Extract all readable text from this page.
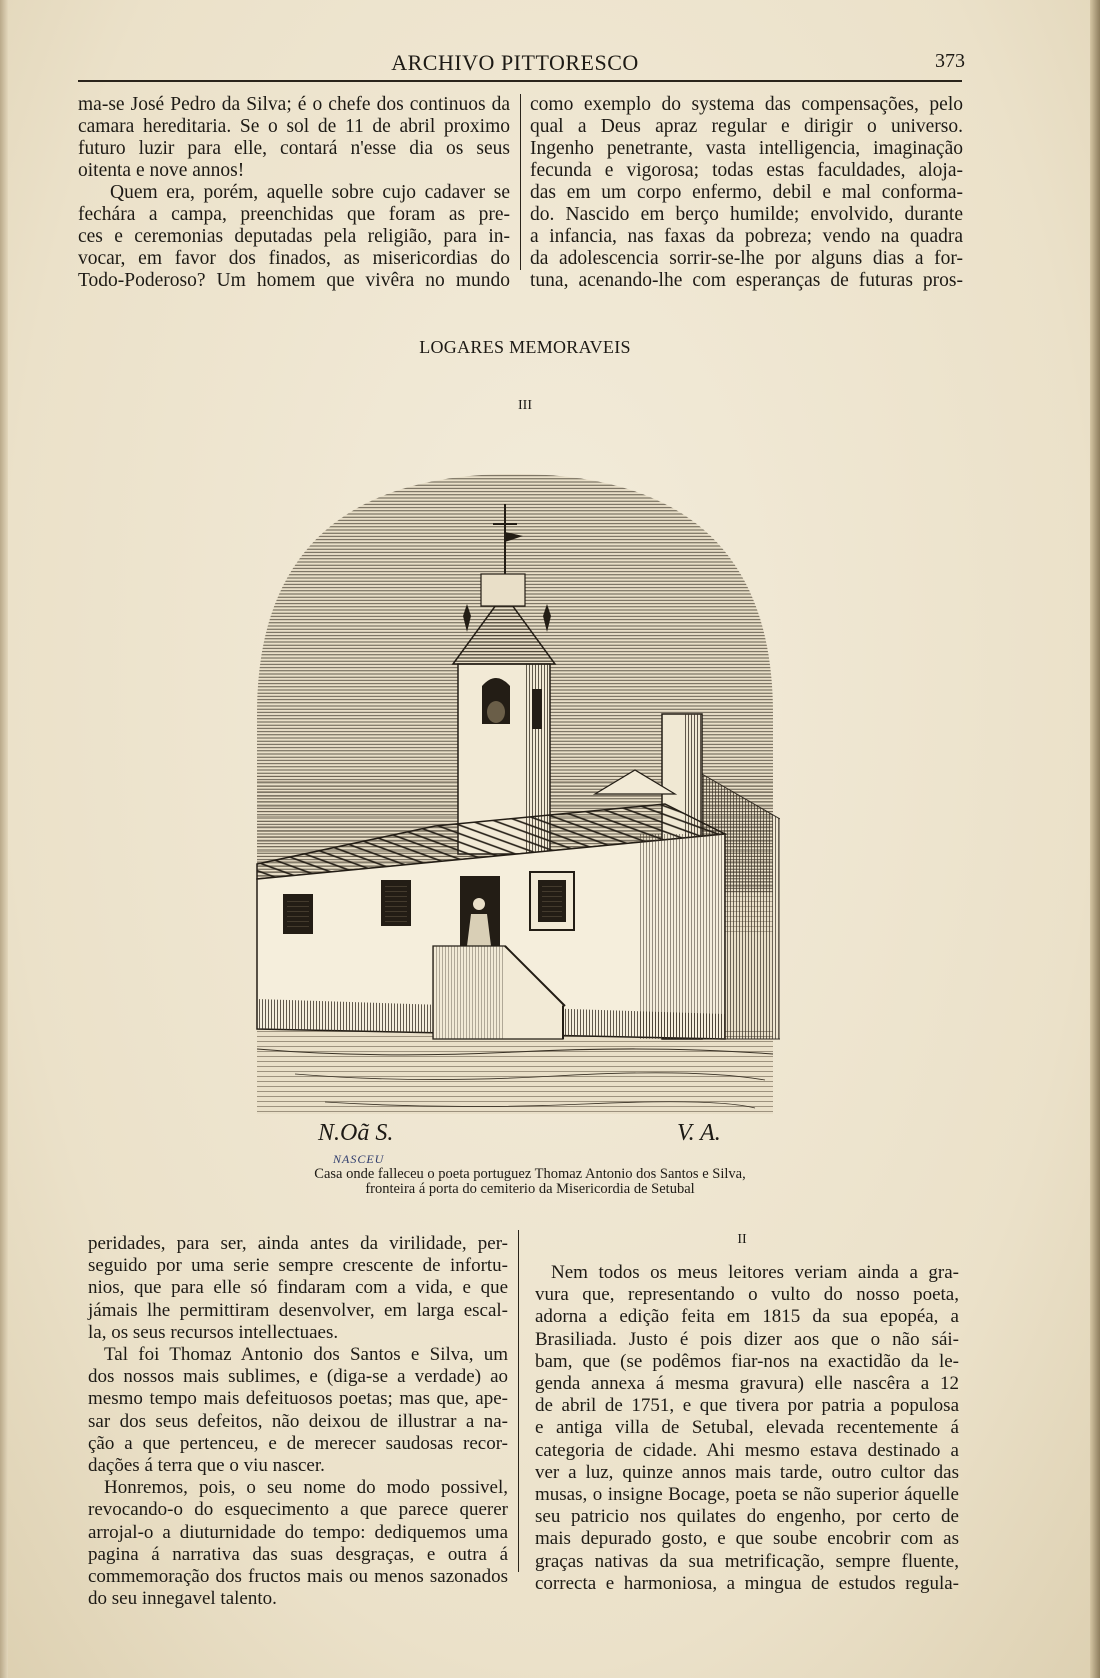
ARCHIVO PITTORESCO	373
ma-se José Pedro da Silva; é o chefe dos continuos da
camara hereditaria. Se o sol de 11 de abril proximo
futuro luzir para elle, contará n'esse dia os seus
oitenta e nove annos!
Quem era, porém, aquelle sobre cujo cadaver se
fechára a campa, preenchidas que foram as pre-
ces e ceremonias deputadas pela religião, para in-
vocar, em favor dos finados, as misericordias do
Todo-Poderoso? Um homem que vivêra no mundo
como exemplo do systema das compensações, pelo
qual a Deus apraz regular e dirigir o universo.
Ingenho penetrante, vasta intelligencia, imaginação
fecunda e vigorosa; todas estas faculdades, aloja-
das em um corpo enfermo, debil e mal conforma-
do. Nascido em berço humilde; envolvido, durante
a infancia, nas faxas da pobreza; vendo na quadra
da adolescencia sorrir-se-lhe por alguns dias a for-
tuna, acenando-lhe com esperanças de futuras pros-
LOGARES MEMORAVEIS
III
N.Oã S.	V. A.
NASCEU
Casa onde falleceu o poeta portuguez Thomaz Antonio dos Santos e Silva,
fronteira á porta do cemiterio da Misericordia de Setubal
peridades, para ser, ainda antes da virilidade, per-
seguido por uma serie sempre crescente de infortu-
nios, que para elle só findaram com a vida, e que
jámais lhe permittiram desenvolver, em larga escal-
la, os seus recursos intellectuaes.
Tal foi Thomaz Antonio dos Santos e Silva, um
dos nossos mais sublimes, e (diga-se a verdade) ao
mesmo tempo mais defeituosos poetas; mas que, ape-
sar dos seus defeitos, não deixou de illustrar a na-
ção a que pertenceu, e de merecer saudosas recor-
dações á terra que o viu nascer.
Honremos, pois, o seu nome do modo possivel,
revocando-o do esquecimento a que parece querer
arrojal-o a diuturnidade do tempo: dediquemos uma
pagina á narrativa das suas desgraças, e outra á
commemoração dos fructos mais ou menos sazonados
do seu innegavel talento.
II
Nem todos os meus leitores veriam ainda a gra-
vura que, representando o vulto do nosso poeta,
adorna a edição feita em 1815 da sua epopéa, a
Brasiliada. Justo é pois dizer aos que o não sái-
bam, que (se podêmos fiar-nos na exactidão da le-
genda annexa á mesma gravura) elle nascêra a 12
de abril de 1751, e que tivera por patria a populosa
e antiga villa de Setubal, elevada recentemente á
categoria de cidade. Ahi mesmo estava destinado a
ver a luz, quinze annos mais tarde, outro cultor das
musas, o insigne Bocage, poeta se não superior áquelle
seu patricio nos quilates do engenho, por certo de
mais depurado gosto, e que soube encobrir com as
graças nativas da sua metrificação, sempre fluente,
correcta e harmoniosa, a mingua de estudos regula-
